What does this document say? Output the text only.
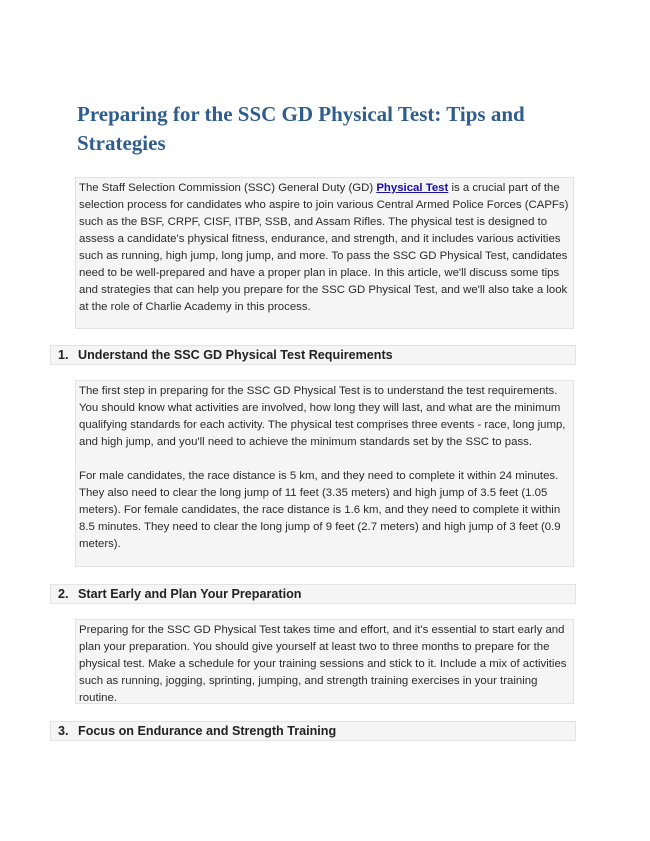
Preparing for the SSC GD Physical Test: Tips and Strategies

The Staff Selection Commission (SSC) General Duty (GD) Physical Test is a crucial part of the selection process for candidates who aspire to join various Central Armed Police Forces (CAPFs) such as the BSF, CRPF, CISF, ITBP, SSB, and Assam Rifles. The physical test is designed to assess a candidate's physical fitness, endurance, and strength, and it includes various activities such as running, high jump, long jump, and more. To pass the SSC GD Physical Test, candidates need to be well-prepared and have a proper plan in place. In this article, we'll discuss some tips and strategies that can help you prepare for the SSC GD Physical Test, and we'll also take a look at the role of Charlie Academy in this process.

1. Understand the SSC GD Physical Test Requirements

The first step in preparing for the SSC GD Physical Test is to understand the test requirements. You should know what activities are involved, how long they will last, and what are the minimum qualifying standards for each activity. The physical test comprises three events - race, long jump, and high jump, and you'll need to achieve the minimum standards set by the SSC to pass.

For male candidates, the race distance is 5 km, and they need to complete it within 24 minutes. They also need to clear the long jump of 11 feet (3.35 meters) and high jump of 3.5 feet (1.05 meters). For female candidates, the race distance is 1.6 km, and they need to complete it within 8.5 minutes. They need to clear the long jump of 9 feet (2.7 meters) and high jump of 3 feet (0.9 meters).

2. Start Early and Plan Your Preparation

Preparing for the SSC GD Physical Test takes time and effort, and it's essential to start early and plan your preparation. You should give yourself at least two to three months to prepare for the physical test. Make a schedule for your training sessions and stick to it. Include a mix of activities such as running, jogging, sprinting, jumping, and strength training exercises in your training routine.

3. Focus on Endurance and Strength Training
